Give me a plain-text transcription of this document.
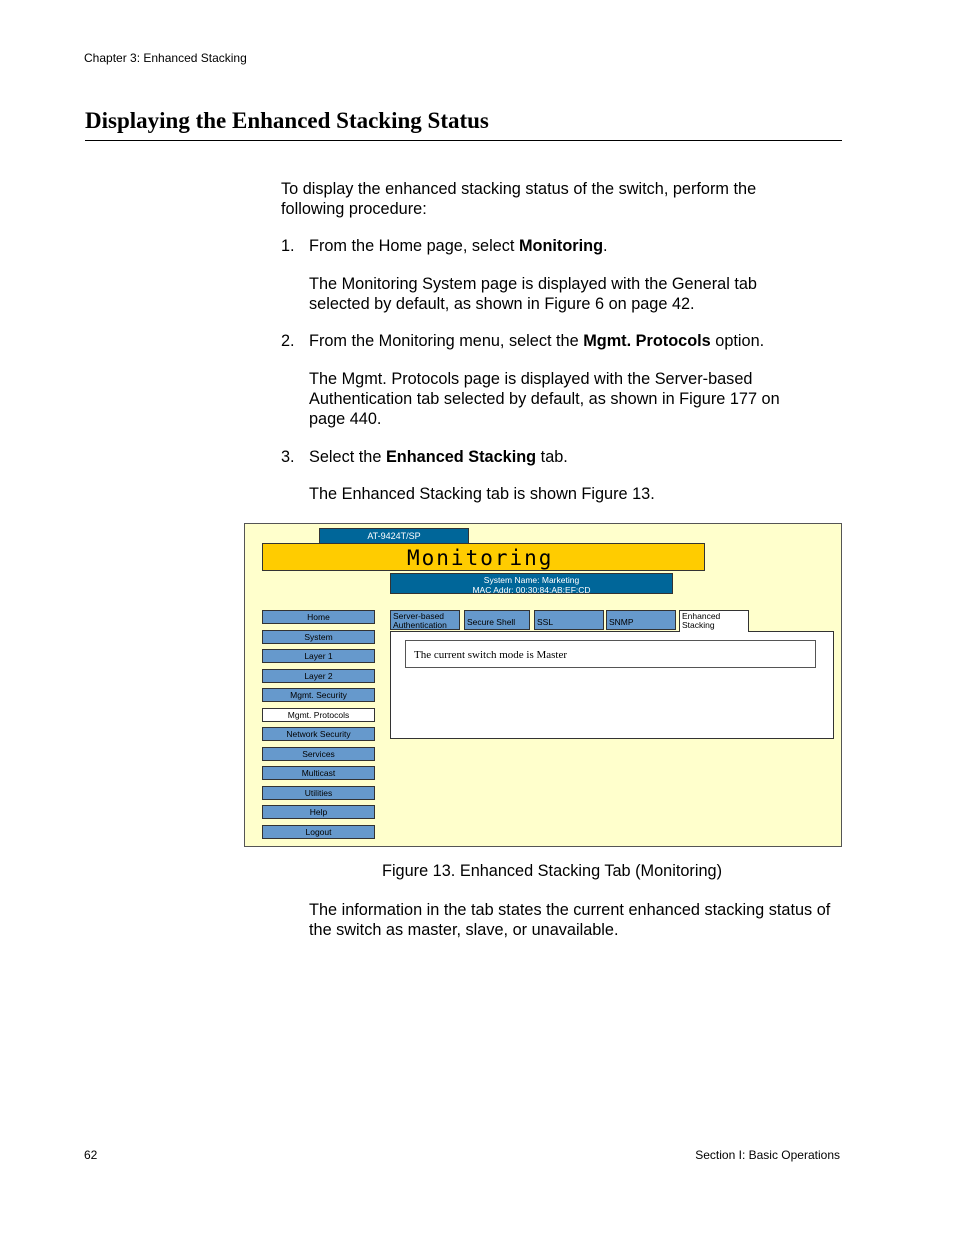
Chapter 3: Enhanced Stacking
Displaying the Enhanced Stacking Status

To display the enhanced stacking status of the switch, perform the following procedure:

1. From the Home page, select Monitoring.

The Monitoring System page is displayed with the General tab selected by default, as shown in Figure 6 on page 42.

2. From the Monitoring menu, select the Mgmt. Protocols option.

The Mgmt. Protocols page is displayed with the Server-based Authentication tab selected by default, as shown in Figure 177 on page 440.

3. Select the Enhanced Stacking tab.

The Enhanced Stacking tab is shown Figure 13.

AT-9424T/SP
Monitoring
System Name: Marketing
MAC Addr: 00:30:84:AB:EF:CD
Home
System
Layer 1
Layer 2
Mgmt. Security
Mgmt. Protocols
Network Security
Services
Multicast
Utilities
Help
Logout
Server-based
Authentication	Secure Shell	SSL	SNMP
Enhanced
Stacking
The current switch mode is Master
Figure 13. Enhanced Stacking Tab (Monitoring)

The information in the tab states the current enhanced stacking status of the switch as master, slave, or unavailable.

62	Section I: Basic Operations
